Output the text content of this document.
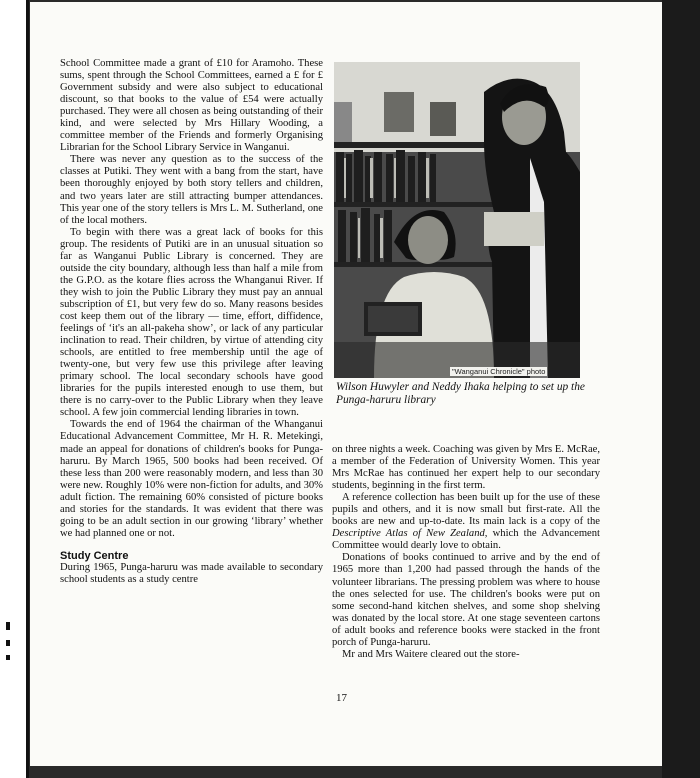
School Committee made a grant of £10 for Aramoho. These sums, spent through the School Committees, earned a £ for £ Government subsidy and were also subject to educational discount, so that books to the value of £54 were actually purchased. They were all chosen as being outstanding of their kind, and were selected by Mrs Hillary Wooding, a committee member of the Friends and formerly Organising Librarian for the School Library Service in Wanganui.

There was never any question as to the success of the classes at Putiki. They went with a bang from the start, have been thoroughly enjoyed by both story tellers and children, and two years later are still attracting bumper attendances. This year one of the story tellers is Mrs L. M. Sutherland, one of the local mothers.

To begin with there was a great lack of books for this group. The residents of Putiki are in an unusual situation so far as Wanganui Public Library is concerned. They are outside the city boundary, although less than half a mile from the G.P.O. as the kotare flies across the Whanganui River. If they wish to join the Public Library they must pay an annual subscription of £1, but very few do so. Many reasons besides cost keep them out of the library — time, effort, diffidence, feelings of ‘it's an all-pakeha show’, or lack of any particular inclination to read. Their children, by virtue of attending city schools, are entitled to free membership until the age of twenty-one, but very few use this privilege after leaving primary school. The local secondary schools have good libraries for the pupils interested enough to use them, but there is no carry-over to the Public Library when they leave school. A few join commercial lending libraries in town.

Towards the end of 1964 the chairman of the Whanganui Educational Advancement Committee, Mr H. R. Metekingi, made an appeal for donations of children's books for Punga-haruru. By March 1965, 500 books had been received. Of these less than 200 were reasonably modern, and less than 30 were new. Roughly 10% were non-fiction for adults, and 30% adult fiction. The remaining 60% consisted of picture books and stories for the standards. It was evident that there was going to be an adult section in our growing ‘library’ whether we had planned one or not.

Study Centre

During 1965, Punga-haruru was made available to secondary school students as a study centre

"Wanganui Chronicle" photo
Wilson Huwyler and Neddy Ihaka helping to set up the Punga-haruru library

on three nights a week. Coaching was given by Mrs E. McRae, a member of the Federation of University Women. This year Mrs McRae has continued her expert help to our secondary students, beginning in the first term.

A reference collection has been built up for the use of these pupils and others, and it is now small but first-rate. All the books are new and up-to-date. Its main lack is a copy of the Descriptive Atlas of New Zealand, which the Advancement Committee would dearly love to obtain.

Donations of books continued to arrive and by the end of 1965 more than 1,200 had passed through the hands of the volunteer librarians. The pressing problem was where to house the ones selected for use. The children's books were put on some second-hand kitchen shelves, and some shop shelving was donated by the local store. At one stage seventeen cartons of adult books and reference books were stacked in the front porch of Punga-haruru.

Mr and Mrs Waitere cleared out the store-

17
